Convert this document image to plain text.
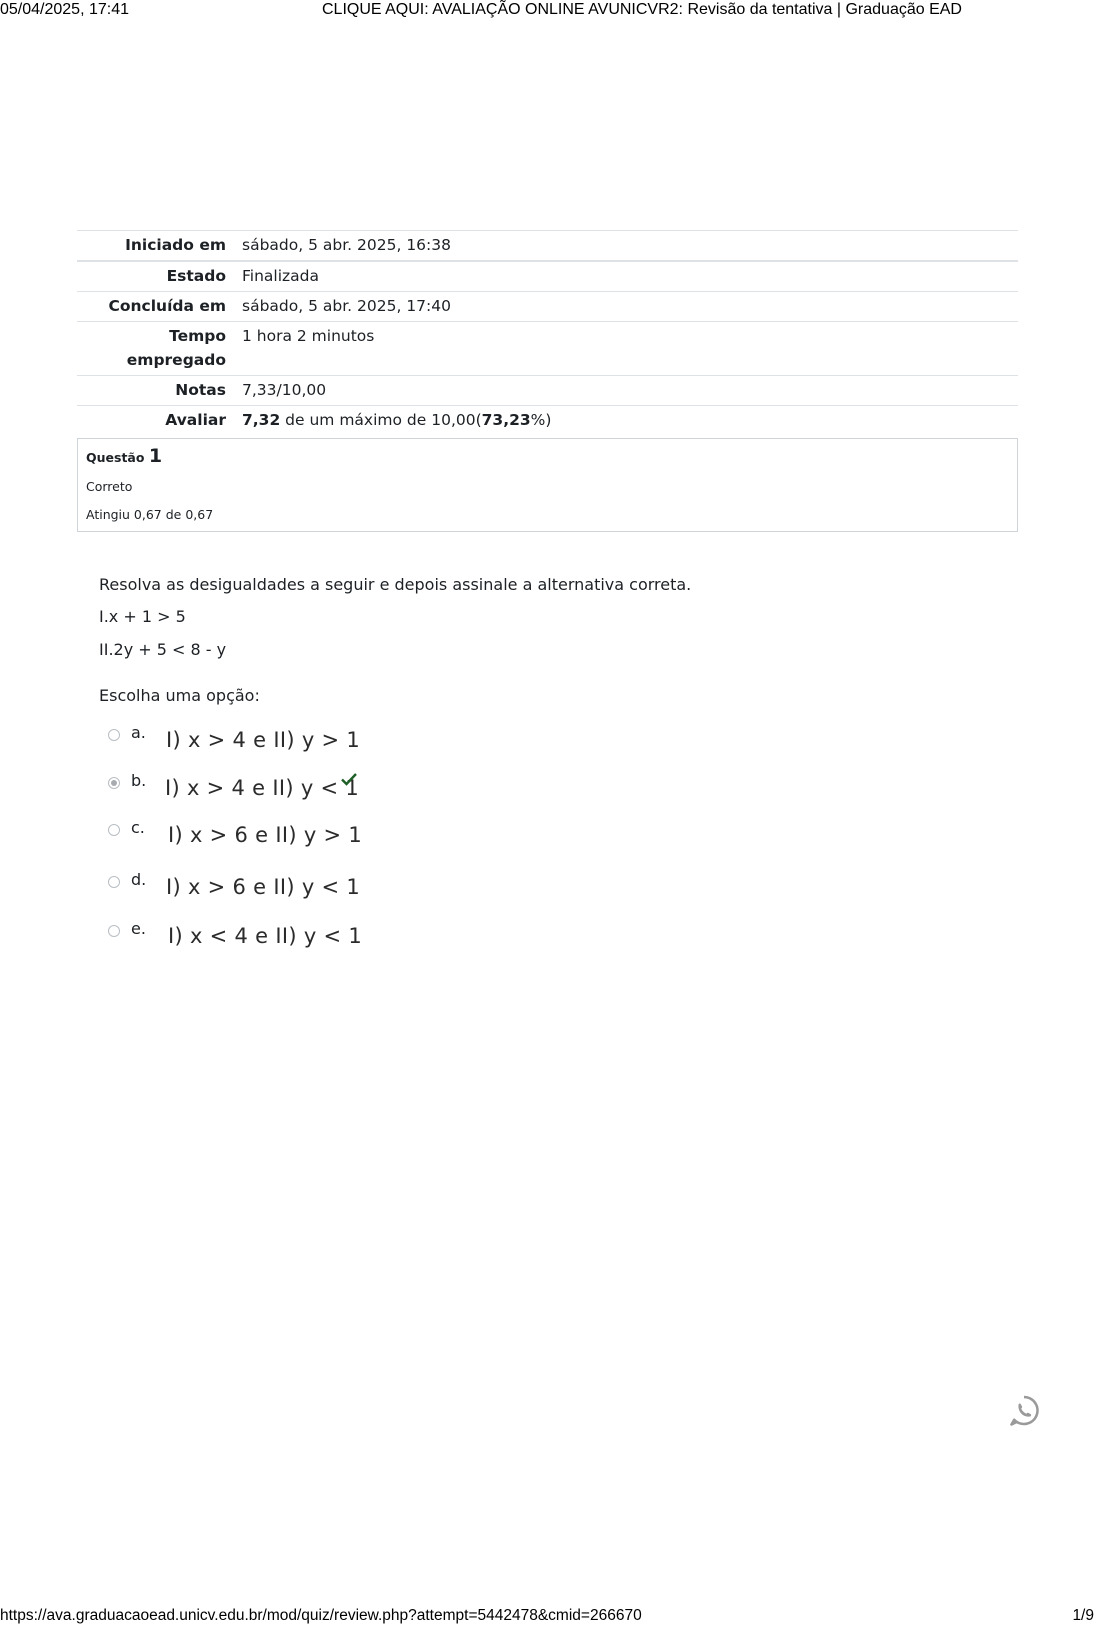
05/04/2025, 17:41	CLIQUE AQUI: AVALIAÇÃO ONLINE AVUNICVR2: Revisão da tentativa | Graduação EAD
Iniciado em	sábado, 5 abr. 2025, 16:38
Estado	Finalizada
Concluída em	sábado, 5 abr. 2025, 17:40
Tempo
empregado	1 hora 2 minutos
Notas	7,33/10,00
Avaliar	7,32 de um máximo de 10,00(73,23%)
Questão 1
Correto
Atingiu 0,67 de 0,67
Resolva as desigualdades a seguir e depois assinale a alternativa correta.
I.x + 1 > 5
II.2y + 5 < 8 - y
Escolha uma opção:
a. I) x > 4 e II) y > 1
b. I) x > 4 e II) y < 1
c. I) x > 6 e II) y > 1
d. I) x > 6 e II) y < 1
e. I) x < 4 e II) y < 1
https://ava.graduacaoead.unicv.edu.br/mod/quiz/review.php?attempt=5442478&cmid=266670	1/9
